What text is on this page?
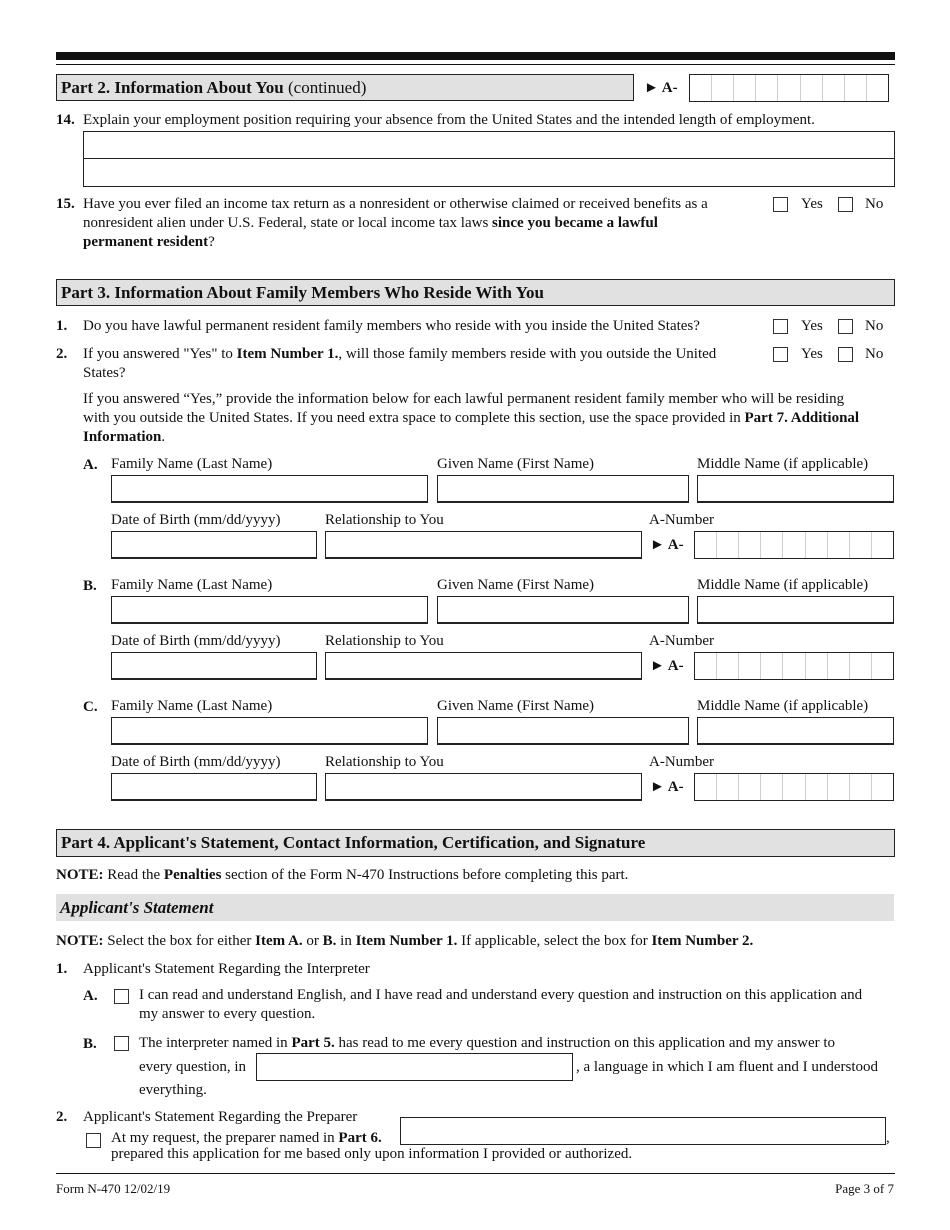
Part 2. Information About You (continued)	► A-
14. Explain your employment position requiring your absence from the United States and the intended length of employment.
15. Have you ever filed an income tax return as a nonresident or otherwise claimed or received benefits as a
nonresident alien under U.S. Federal, state or local income tax laws since you became a lawful
permanent resident?
Yes	No
Part 3. Information About Family Members Who Reside With You
1. Do you have lawful permanent resident family members who reside with you inside the United States?	Yes	No
2. If you answered "Yes" to Item Number 1., will those family members reside with you outside the United
States?
Yes	No
If you answered “Yes,” provide the information below for each lawful permanent resident family member who will be residing
with you outside the United States. If you need extra space to complete this section, use the space provided in Part 7. Additional
Information.
A. Family Name (Last Name)	Given Name (First Name)	Middle Name (if applicable)
Date of Birth (mm/dd/yyyy)	Relationship to You	A-Number
► A-
B. Family Name (Last Name)	Given Name (First Name)	Middle Name (if applicable)
Date of Birth (mm/dd/yyyy)	Relationship to You	A-Number
► A-
C. Family Name (Last Name)	Given Name (First Name)	Middle Name (if applicable)
Date of Birth (mm/dd/yyyy)	Relationship to You	A-Number
► A-
Part 4. Applicant's Statement, Contact Information, Certification, and Signature
NOTE: Read the Penalties section of the Form N-470 Instructions before completing this part.
Applicant's Statement
NOTE: Select the box for either Item A. or B. in Item Number 1. If applicable, select the box for Item Number 2.
1. Applicant's Statement Regarding the Interpreter
A.	I can read and understand English, and I have read and understand every question and instruction on this application and
my answer to every question.
B.	The interpreter named in Part 5. has read to me every question and instruction on this application and my answer to
every question, in	, a language in which I am fluent and I understood
everything.
2. Applicant's Statement Regarding the Preparer
At my request, the preparer named in Part 6.	,
prepared this application for me based only upon information I provided or authorized.
Form N-470 12/02/19	Page 3 of 7
